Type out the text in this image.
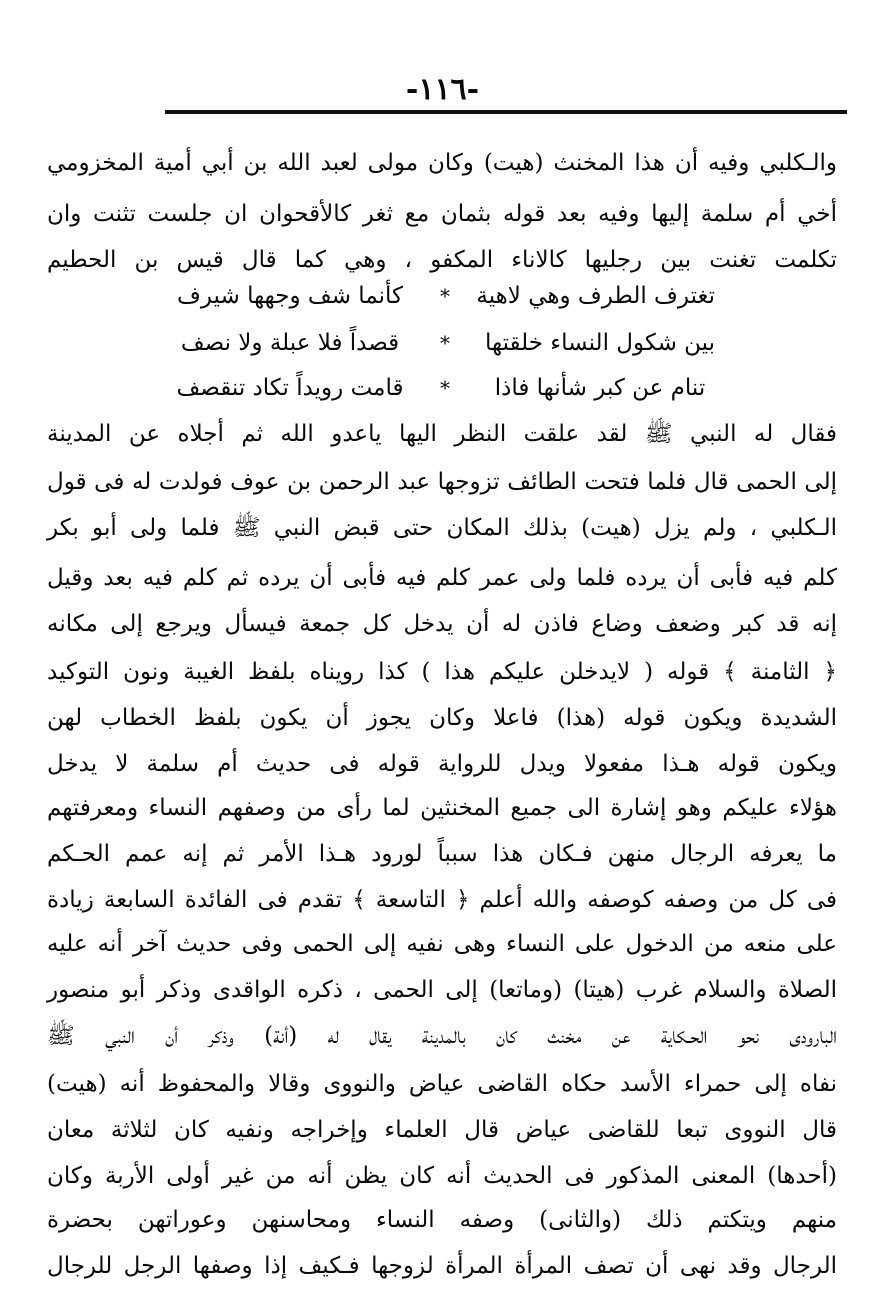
-١١٦-
والـكلبي وفيه أن هذا المخنث (هيت) وكان مولى لعبد الله بن أبي أمية المخزومي
أخي أم سلمة إليها وفيه بعد قوله بثمان مع ثغر كالأقحوان ان جلست تثنت وان
تكلمت تغنت بين رجليها كالاناء المكفو ، وهي كما قال قيس بن الحطيم
تغترف الطرف وهي لاهية
*
كأنما شف وجهها شيرف
بين شكول النساء خلقتها
*
قصداً فلا عبلة ولا نصف
تنام عن كبر شأنها فاذا
*
قامت رويداً تكاد تنقصف
فقال له النبي ﷺ لقد علقت النظر اليها ياعدو الله ثم أجلاه عن المدينة
إلى الحمى قال فلما فتحت الطائف تزوجها عبد الرحمن بن عوف فولدت له فى قول
الـكلبي ، ولم يزل (هيت) بذلك المكان حتى قبض النبي ﷺ فلما ولى أبو بكر
كلم فيه فأبى أن يرده فلما ولى عمر كلم فيه فأبى أن يرده ثم كلم فيه بعد وقيل
إنه قد كبر وضعف وضاع فاذن له أن يدخل كل جمعة فيسأل ويرجع إلى مكانه
﴿ الثامنة ﴾ قوله ( لايدخلن عليكم هذا ) كذا رويناه بلفظ الغيبة ونون التوكيد
الشديدة ويكون قوله (هذا) فاعلا وكان يجوز أن يكون بلفظ الخطاب لهن
ويكون قوله هـذا مفعولا ويدل للرواية قوله فى حديث أم سلمة لا يدخل
هؤلاء عليكم وهو إشارة الى جميع المخنثين لما رأى من وصفهم النساء ومعرفتهم
ما يعرفه الرجال منهن فـكان هذا سبباً لورود هـذا الأمر ثم إنه عمم الحـكم
فى كل من وصفه كوصفه والله أعلم ﴿ التاسعة ﴾ تقدم فى الفائدة السابعة زيادة
على منعه من الدخول على النساء وهى نفيه إلى الحمى وفى حديث آخر أنه عليه
الصلاة والسلام غرب (هيتا) (وماتعا) إلى الحمى ، ذكره الواقدى وذكر أبو منصور
البارودى نحو الحـكاية عن مخنث كان بالمدينة يقال له (أنة) وذكر أن النبي ﷺ
نفاه إلى حمراء الأسد حكاه القاضى عياض والنووى وقالا والمحفوظ أنه (هيت)
قال النووى تبعا للقاضى عياض قال العلماء وإخراجه ونفيه كان لثلاثة معان
(أحدها) المعنى المذكور فى الحديث أنه كان يظن أنه من غير أولى الأربة وكان
منهم ويتكتم ذلك (والثانى) وصفه النساء ومحاسنهن وعوراتهن بحضرة
الرجال وقد نهى أن تصف المرأة المرأة لزوجها فـكيف إذا وصفها الرجل للرجال
